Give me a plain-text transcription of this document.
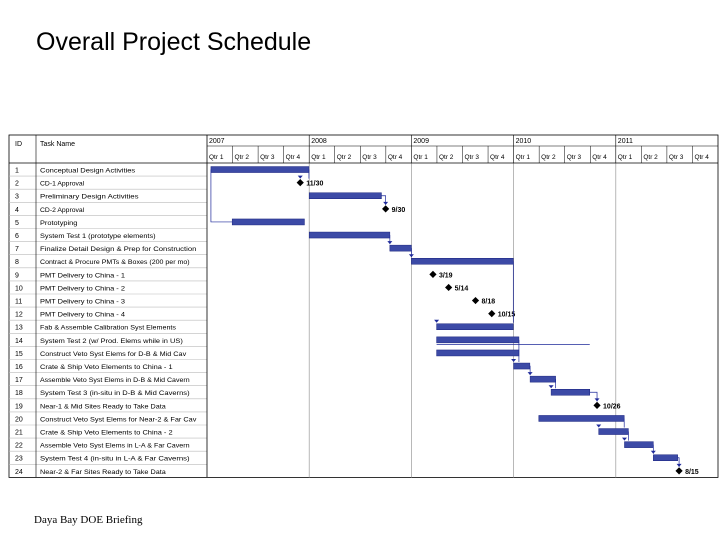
Overall Project Schedule
ID	Task Name	2007	2008	2009	2010	2011
Qtr 1 Qtr 2 Qtr 3 Qtr 4 Qtr 1 Qtr 2 Qtr 3 Qtr 4 Qtr 1 Qtr 2 Qtr 3 Qtr 4 Qtr 1 Qtr 2 Qtr 3 Qtr 4 Qtr 1 Qtr 2 Qtr 3 Qtr 4
1	Conceptual Design Activities
2	CD-1 Approval	11/30
3	Preliminary Design Activities
4	CD-2 Approval	9/30
5	Prototyping
6	System Test 1 (prototype elements)
7	Finalize Detail Design & Prep for Construction
8	Contract & Procure PMTs & Boxes (200 per mo)
9	PMT Delivery to China - 1	3/19
10	PMT Delivery to China - 2	5/14
11	PMT Delivery to China - 3	8/18
12	PMT Delivery to China - 4	10/15
13	Fab & Assemble Calibration Syst Elements
14	System Test 2 (w/ Prod. Elems while in US)
15	Construct Veto Syst Elems for D-B & Mid Cav
16	Crate & Ship Veto Elements to China - 1
17	Assemble Veto Syst Elems in D-B & Mid Cavern
18	System Test 3 (in-situ in D-B & Mid Caverns)
19	Near-1 & Mid Sites Ready to Take Data	10/26
20	Construct Veto Syst Elems for Near-2 & Far Cav
21	Crate & Ship Veto Elements to China - 2
22	Assemble Veto Syst Elems in L-A & Far Cavern
23	System Test 4 (in-situ in L-A & Far Caverns)
24	Near-2 & Far Sites Ready to Take Data	8/15
Daya Bay DOE Briefing
